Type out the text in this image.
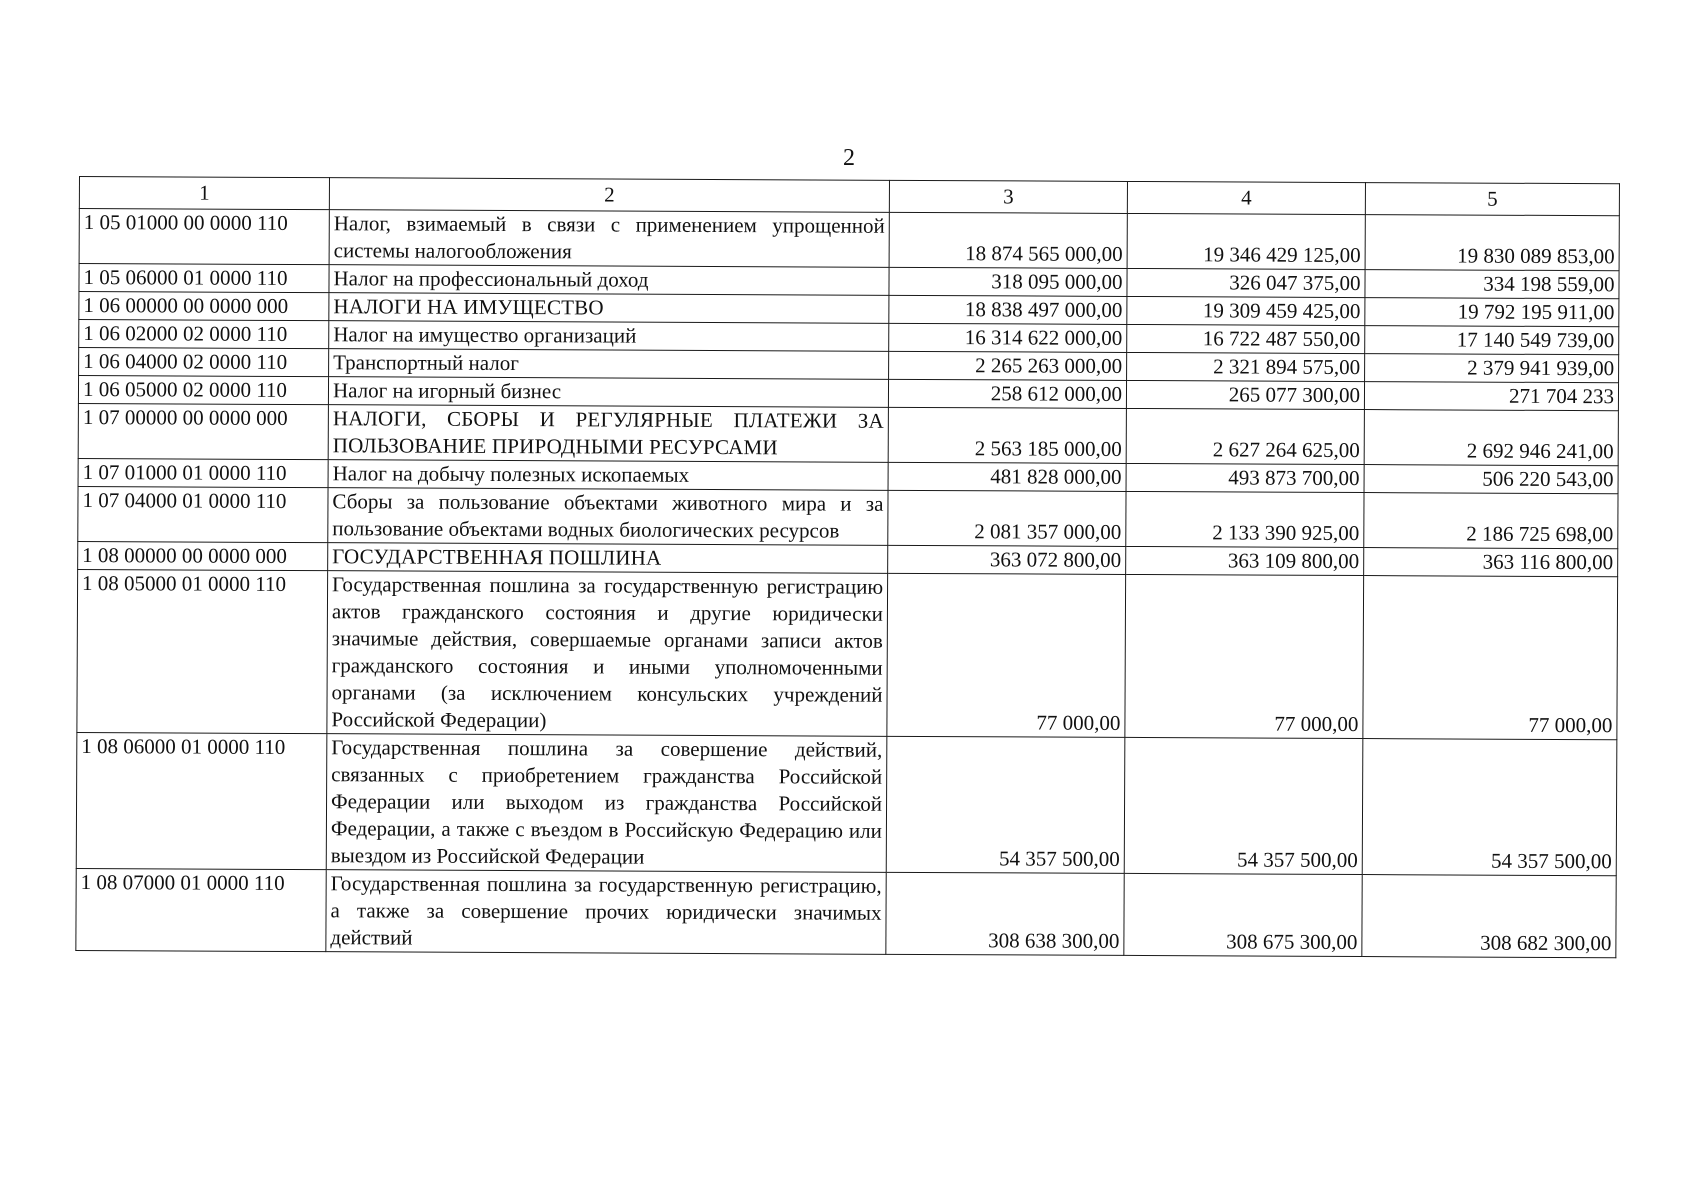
2
1	2	3	4	5
1 05 01000 00 0000 110	Налог, взимаемый в связи с применением упрощенной системы налогообложения	18 874 565 000,00	19 346 429 125,00	19 830 089 853,00
1 05 06000 01 0000 110	Налог на профессиональный доход	318 095 000,00	326 047 375,00	334 198 559,00
1 06 00000 00 0000 000	НАЛОГИ НА ИМУЩЕСТВО	18 838 497 000,00	19 309 459 425,00	19 792 195 911,00
1 06 02000 02 0000 110	Налог на имущество организаций	16 314 622 000,00	16 722 487 550,00	17 140 549 739,00
1 06 04000 02 0000 110	Транспортный налог	2 265 263 000,00	2 321 894 575,00	2 379 941 939,00
1 06 05000 02 0000 110	Налог на игорный бизнес	258 612 000,00	265 077 300,00	271 704 233
1 07 00000 00 0000 000	НАЛОГИ, СБОРЫ И РЕГУЛЯРНЫЕ ПЛАТЕЖИ ЗА ПОЛЬЗОВАНИЕ ПРИРОДНЫМИ РЕСУРСАМИ	2 563 185 000,00	2 627 264 625,00	2 692 946 241,00
1 07 01000 01 0000 110	Налог на добычу полезных ископаемых	481 828 000,00	493 873 700,00	506 220 543,00
1 07 04000 01 0000 110	Сборы за пользование объектами животного мира и за пользование объектами водных биологических ресурсов	2 081 357 000,00	2 133 390 925,00	2 186 725 698,00
1 08 00000 00 0000 000	ГОСУДАРСТВЕННАЯ ПОШЛИНА	363 072 800,00	363 109 800,00	363 116 800,00
1 08 05000 01 0000 110	Государственная пошлина за государственную регистрацию актов гражданского состояния и другие юридически значимые действия, совершаемые органами записи актов гражданского состояния и иными уполномоченными органами (за исключением консульских учреждений Российской Федерации)	77 000,00	77 000,00	77 000,00
1 08 06000 01 0000 110	Государственная пошлина за совершение действий, связанных с приобретением гражданства Российской Федерации или выходом из гражданства Российской Федерации, а также с въездом в Российскую Федерацию или выездом из Российской Федерации	54 357 500,00	54 357 500,00	54 357 500,00
1 08 07000 01 0000 110	Государственная пошлина за государственную регистрацию, а также за совершение прочих юридически значимых действий	308 638 300,00	308 675 300,00	308 682 300,00
